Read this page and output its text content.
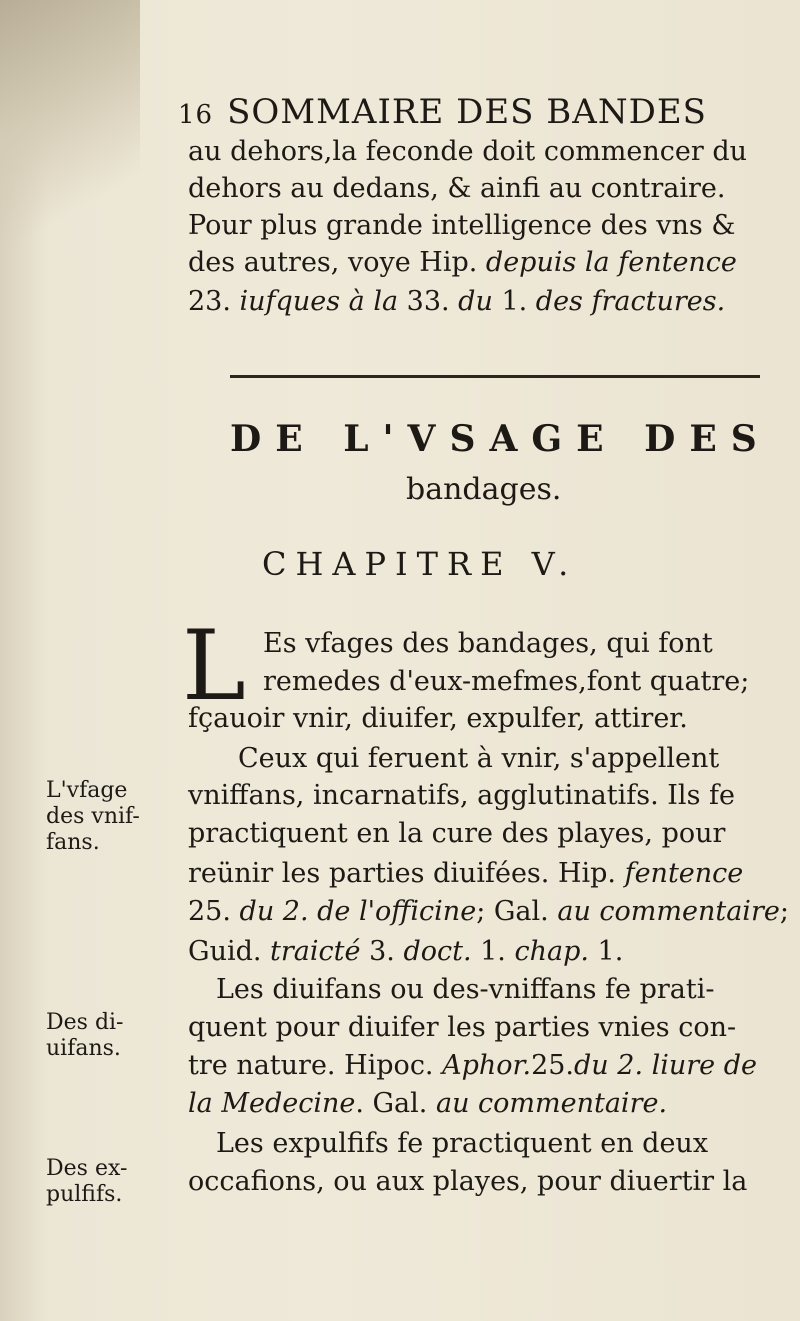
16 SOMMAIRE DES BANDES
au dehors,la feconde doit commencer du
dehors au dedans, & ainfi au contraire.
Pour plus grande intelligence des vns &
des autres, voye Hip. depuis la fentence
23. iufques à la 33. du 1. des fractures.
DE L'VSAGE DES
bandages.
CHAPITRE V.
L Es vfages des bandages, qui font
remedes d'eux-mefmes,font quatre;
fçauoir vnir, diuifer, expulfer, attirer.
Ceux qui feruent à vnir, s'appellent
vniffans, incarnatifs, agglutinatifs. Ils fe
practiquent en la cure des playes, pour
reünir les parties diuifées. Hip. fentence
25. du 2. de l'officine; Gal. au commentaire;
Guid. traicté 3. doct. 1. chap. 1.
Les diuifans ou des-vniffans fe prati-
quent pour diuifer les parties vnies con-
tre nature. Hipoc. Aphor.25.du 2. liure de
la Medecine. Gal. au commentaire.
Les expulfifs fe practiquent en deux
occafions, ou aux playes, pour diuertir la
L'vfage
des vnif-
fans.
Des di-
uifans.
Des ex-
pulfifs.
